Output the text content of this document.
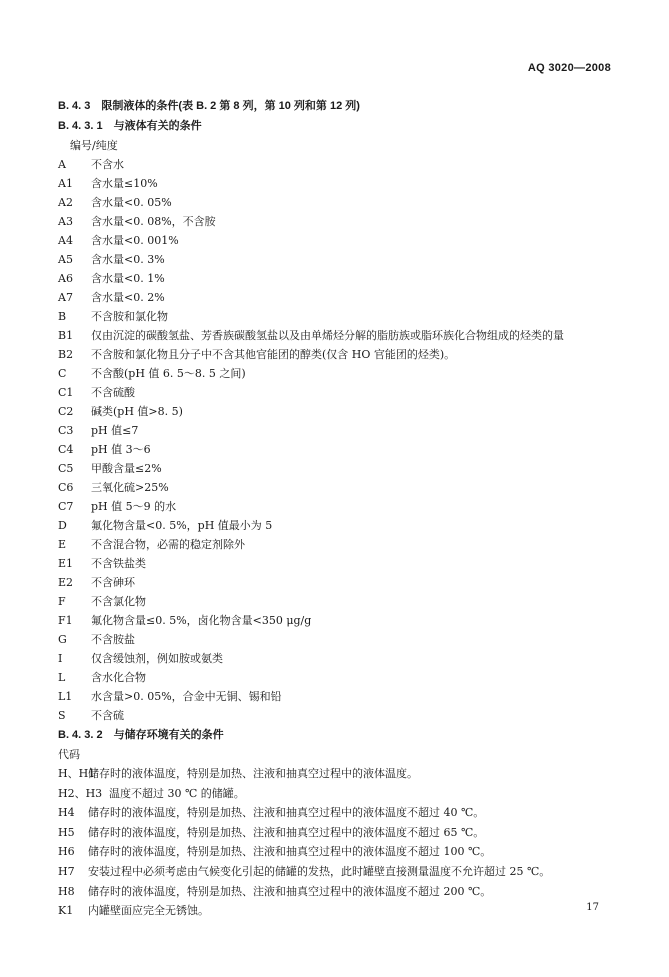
AQ 3020—2008
B. 4. 3　限制液体的条件(表 B. 2 第 8 列，第 10 列和第 12 列)
B. 4. 3. 1　与液体有关的条件
编号/纯度
A	不含水
A1	含水量≤10%
A2	含水量<0. 05%
A3	含水量<0. 08%，不含胺
A4	含水量<0. 001%
A5	含水量<0. 3%
A6	含水量<0. 1%
A7	含水量<0. 2%
B	不含胺和氯化物
B1	仅由沉淀的碳酸氢盐、芳香族碳酸氢盐以及由单烯烃分解的脂肪族或脂环族化合物组成的烃类的量
B2	不含胺和氯化物且分子中不含其他官能团的醇类(仅含 HO 官能团的烃类)。
C	不含酸(pH 值 6. 5～8. 5 之间)
C1	不含硫酸
C2	碱类(pH 值>8. 5)
C3	pH 值≤7
C4	pH 值 3～6
C5	甲酸含量≤2%
C6	三氧化硫>25%
C7	pH 值 5～9 的水
D	氟化物含量<0. 5%，pH 值最小为 5
E	不含混合物，必需的稳定剂除外
E1	不含铁盐类
E2	不含砷环
F	不含氯化物
F1	氟化物含量≤0. 5%，卤化物含量<350 μg/g
G	不含胺盐
I	仅含缓蚀剂，例如胺或氨类
L	含水化合物
L1	水含量>0. 05%，合金中无铜、锡和铅
S	不含硫
B. 4. 3. 2　与储存环境有关的条件
代码
H、H1储存时的液体温度，特别是加热、注液和抽真空过程中的液体温度。
H2、H3 温度不超过 30 ℃ 的储罐。
H4 储存时的液体温度，特别是加热、注液和抽真空过程中的液体温度不超过 40 ℃。
H5 储存时的液体温度，特别是加热、注液和抽真空过程中的液体温度不超过 65 ℃。
H6 储存时的液体温度，特别是加热、注液和抽真空过程中的液体温度不超过 100 ℃。
H7 安装过程中必须考虑由气候变化引起的储罐的发热，此时罐壁直接测量温度不允许超过 25 ℃。
H8 储存时的液体温度，特别是加热、注液和抽真空过程中的液体温度不超过 200 ℃。
K1 内罐壁面应完全无锈蚀。	17
